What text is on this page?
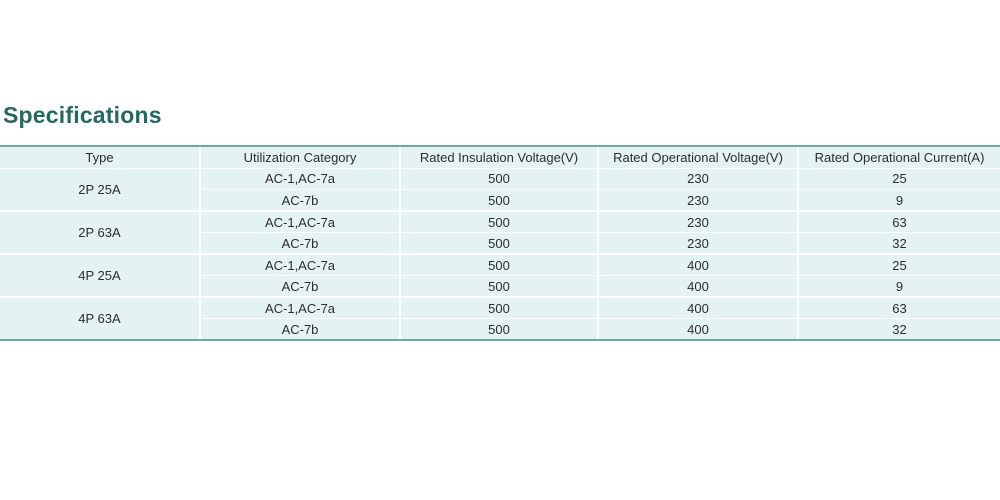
Specifications
Type	Utilization Category	Rated Insulation Voltage(V)	Rated Operational Voltage(V)	Rated Operational Current(A)
2P 25A	AC-1,AC-7a	500	230	25
	AC-7b	500	230	9
2P 63A	AC-1,AC-7a	500	230	63
	AC-7b	500	230	32
4P 25A	AC-1,AC-7a	500	400	25
	AC-7b	500	400	9
4P 63A	AC-1,AC-7a	500	400	63
	AC-7b	500	400	32
